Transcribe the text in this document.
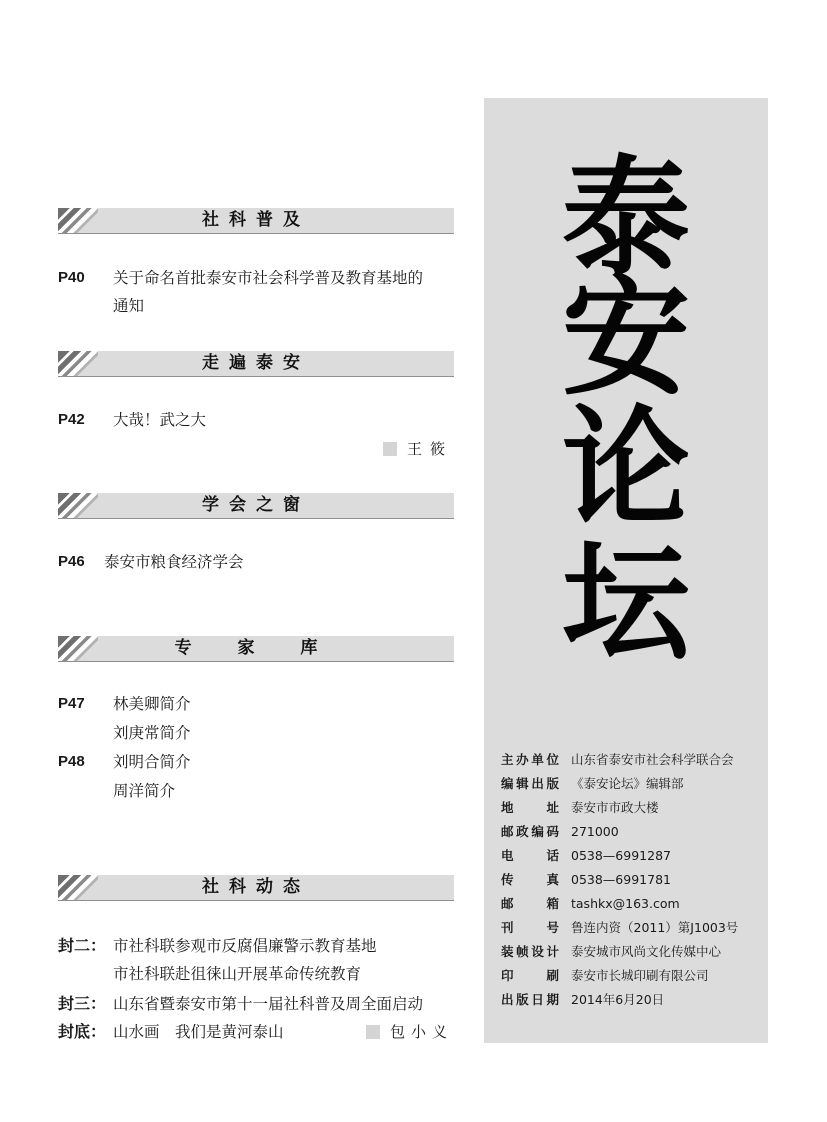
社科普及
P40	关于命名首批泰安市社会科学普及教育基地的
通知
走遍泰安
P42	大哉！武之大
王筱
学会之窗
P46	泰安市粮食经济学会
专 家 库
P47	林美卿简介
刘庚常简介
P48	刘明合简介
周洋简介
社科动态
封二： 市社科联参观市反腐倡廉警示教育基地
市社科联赴徂徕山开展革命传统教育
封三： 山东省暨泰安市第十一届社科普及周全面启动
封底： 山水画　我们是黄河泰山	包小义
泰
安
论
坛
主办单位 山东省泰安市社会科学联合会
编辑出版 《泰安论坛》编辑部
地址 泰安市市政大楼
邮政编码 271000
电话 0538—6991287
传真 0538—6991781
邮箱 tashkx@163.com
刊号 鲁连内资（2011）第J1003号
装帧设计 泰安城市风尚文化传媒中心
印刷 泰安市长城印刷有限公司
出版日期 2014年6月20日
